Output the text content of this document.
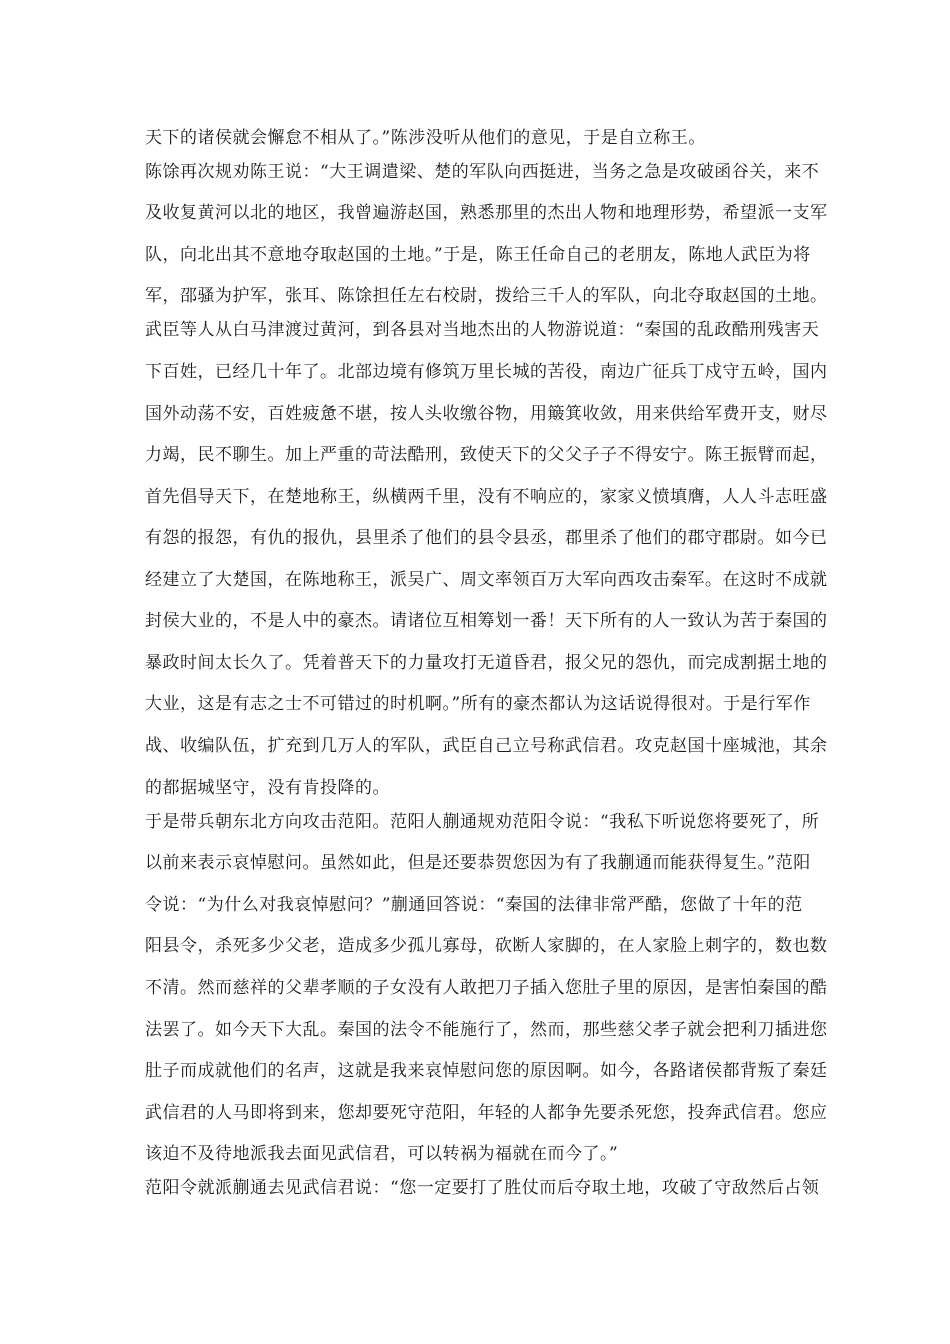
天下的诸侯就会懈怠不相从了。”陈涉没听从他们的意见，于是自立称王。

陈馀再次规劝陈王说：“大王调遣梁、楚的军队向西挺进，当务之急是攻破函谷关，来不

及收复黄河以北的地区，我曾遍游赵国，熟悉那里的杰出人物和地理形势，希望派一支军

队，向北出其不意地夺取赵国的土地。”于是，陈王任命自己的老朋友，陈地人武臣为将

军，邵骚为护军，张耳、陈馀担任左右校尉，拨给三千人的军队，向北夺取赵国的土地。

武臣等人从白马津渡过黄河，到各县对当地杰出的人物游说道：“秦国的乱政酷刑残害天

下百姓，已经几十年了。北部边境有修筑万里长城的苦役，南边广征兵丁戍守五岭，国内

国外动荡不安，百姓疲惫不堪，按人头收缴谷物，用簸箕收敛，用来供给军费开支，财尽

力竭，民不聊生。加上严重的苛法酷刑，致使天下的父父子子不得安宁。陈王振臂而起，

首先倡导天下，在楚地称王，纵横两千里，没有不响应的，家家义愤填膺，人人斗志旺盛

有怨的报怨，有仇的报仇，县里杀了他们的县令县丞，郡里杀了他们的郡守郡尉。如今已

经建立了大楚国，在陈地称王，派吴广、周文率领百万大军向西攻击秦军。在这时不成就

封侯大业的，不是人中的豪杰。请诸位互相筹划一番！天下所有的人一致认为苦于秦国的

暴政时间太长久了。凭着普天下的力量攻打无道昏君，报父兄的怨仇，而完成割据土地的

大业，这是有志之士不可错过的时机啊。”所有的豪杰都认为这话说得很对。于是行军作

战、收编队伍，扩充到几万人的军队，武臣自己立号称武信君。攻克赵国十座城池，其余

的都据城坚守，没有肯投降的。

于是带兵朝东北方向攻击范阳。范阳人蒯通规劝范阳令说：“我私下听说您将要死了，所

以前来表示哀悼慰问。虽然如此，但是还要恭贺您因为有了我蒯通而能获得复生。”范阳

令说：“为什么对我哀悼慰问？”蒯通回答说：“秦国的法律非常严酷，您做了十年的范

阳县令，杀死多少父老，造成多少孤儿寡母，砍断人家脚的，在人家脸上刺字的，数也数

不清。然而慈祥的父辈孝顺的子女没有人敢把刀子插入您肚子里的原因，是害怕秦国的酷

法罢了。如今天下大乱。秦国的法令不能施行了，然而，那些慈父孝子就会把利刀插进您

肚子而成就他们的名声，这就是我来哀悼慰问您的原因啊。如今，各路诸侯都背叛了秦廷

武信君的人马即将到来，您却要死守范阳，年轻的人都争先要杀死您，投奔武信君。您应

该迫不及待地派我去面见武信君，可以转祸为福就在而今了。”

范阳令就派蒯通去见武信君说：“您一定要打了胜仗而后夺取土地，攻破了守敌然后占领
